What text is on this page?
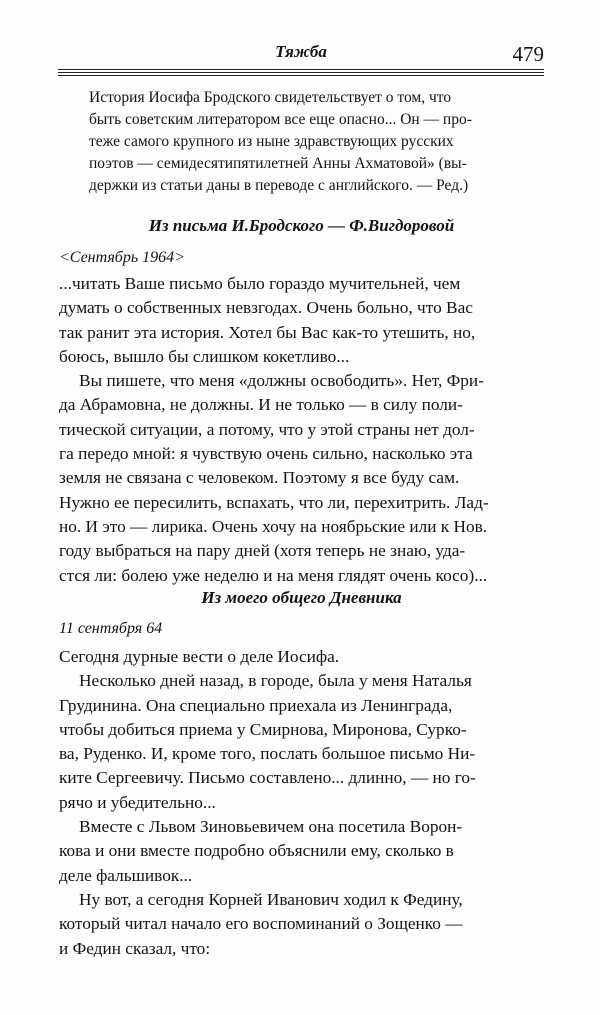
Тяжба	479

История Иосифа Бродского свидетельствует о том, что
быть советским литератором все еще опасно... Он — про-
теже самого крупного из ныне здравствующих русских
поэтов — семидесятипятилетней Анны Ахматовой» (вы-
держки из статьи даны в переводе с английского. — Ред.)

Из письма И.Бродского — Ф.Вигдоровой
<Сентябрь 1964>

...читать Ваше письмо было гораздо мучительней, чем
думать о собственных невзгодах. Очень больно, что Вас
так ранит эта история. Хотел бы Вас как-то утешить, но,
боюсь, вышло бы слишком кокетливо...
Вы пишете, что меня «должны освободить». Нет, Фри-
да Абрамовна, не должны. И не только — в силу поли-
тической ситуации, а потому, что у этой страны нет дол-
га передо мной: я чувствую очень сильно, насколько эта
земля не связана с человеком. Поэтому я все буду сам.
Нужно ее пересилить, вспахать, что ли, перехитрить. Лад-
но. И это — лирика. Очень хочу на ноябрьские или к Нов.
году выбраться на пару дней (хотя теперь не знаю, уда-
стся ли: болею уже неделю и на меня глядят очень косо)...

Из моего общего Дневника
11 сентября 64

Сегодня дурные вести о деле Иосифа.
Несколько дней назад, в городе, была у меня Наталья
Грудинина. Она специально приехала из Ленинграда,
чтобы добиться приема у Смирнова, Миронова, Сурко-
ва, Руденко. И, кроме того, послать большое письмо Ни-
ките Сергеевичу. Письмо составлено... длинно, — но го-
рячо и убедительно...
Вместе с Львом Зиновьевичем она посетила Ворон-
кова и они вместе подробно объяснили ему, сколько в
деле фальшивок...
Ну вот, а сегодня Корней Иванович ходил к Федину,
который читал начало его воспоминаний о Зощенко —
и Федин сказал, что:
